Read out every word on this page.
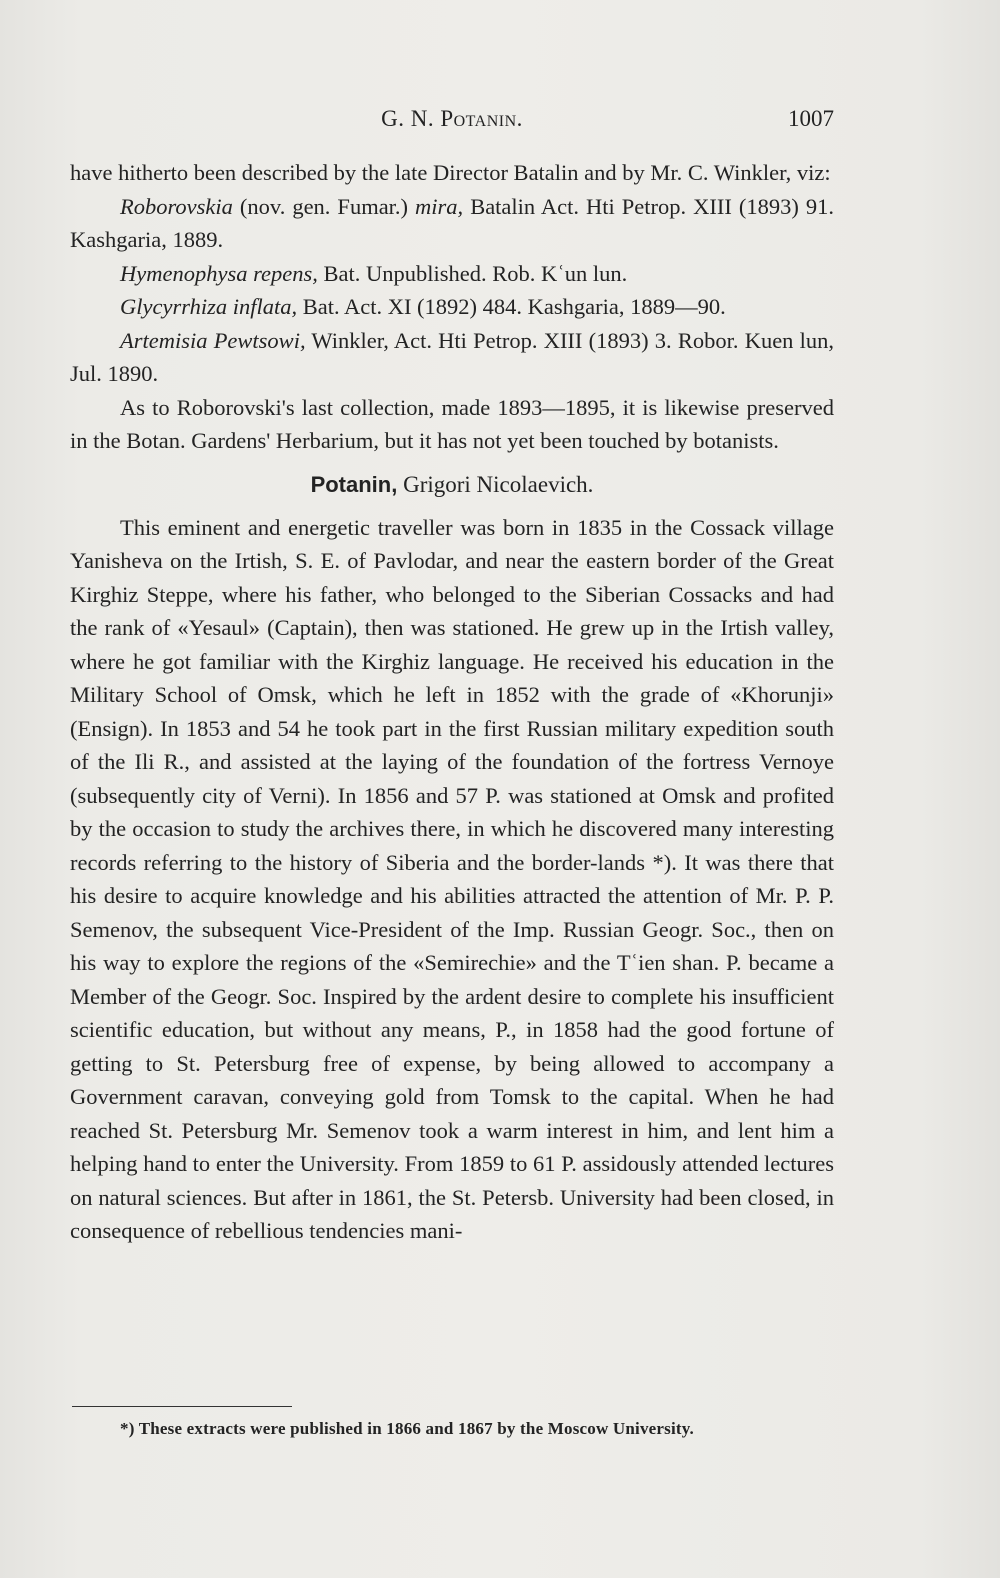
G. N. Potanin.	1007

have hitherto been described by the late Director Batalin and by Mr. C. Winkler, viz:

Roborovskia (nov. gen. Fumar.) mira, Batalin Act. Hti Petrop. XIII (1893) 91. Kashgaria, 1889.

Hymenophysa repens, Bat. Unpublished. Rob. Kʿun lun.

Glycyrrhiza inflata, Bat. Act. XI (1892) 484. Kashgaria, 1889—90.

Artemisia Pewtsowi, Winkler, Act. Hti Petrop. XIII (1893) 3. Robor. Kuen lun, Jul. 1890.

As to Roborovski's last collection, made 1893—1895, it is likewise preserved in the Botan. Gardens' Herbarium, but it has not yet been touched by botanists.

Potanin, Grigori Nicolaevich.

This eminent and energetic traveller was born in 1835 in the Cossack village Yanisheva on the Irtish, S. E. of Pavlodar, and near the eastern border of the Great Kirghiz Steppe, where his father, who belonged to the Siberian Cossacks and had the rank of «Yesaul» (Captain), then was stationed. He grew up in the Irtish valley, where he got familiar with the Kirghiz language. He received his education in the Military School of Omsk, which he left in 1852 with the grade of «Khorunji» (Ensign). In 1853 and 54 he took part in the first Russian military expedition south of the Ili R., and assisted at the laying of the foundation of the fortress Vernoye (subsequently city of Verni). In 1856 and 57 P. was stationed at Omsk and profited by the occasion to study the archives there, in which he discovered many interesting records referring to the history of Siberia and the border-lands *). It was there that his desire to acquire knowledge and his abilities attracted the attention of Mr. P. P. Semenov, the subsequent Vice-President of the Imp. Russian Geogr. Soc., then on his way to explore the regions of the «Semirechie» and the Tʿien shan. P. became a Member of the Geogr. Soc. Inspired by the ardent desire to complete his insufficient scientific education, but without any means, P., in 1858 had the good fortune of getting to St. Petersburg free of expense, by being allowed to accompany a Government caravan, conveying gold from Tomsk to the capital. When he had reached St. Petersburg Mr. Semenov took a warm interest in him, and lent him a helping hand to enter the University. From 1859 to 61 P. assidously attended lectures on natural sciences. But after in 1861, the St. Petersb. University had been closed, in consequence of rebellious tendencies mani-

*) These extracts were published in 1866 and 1867 by the Moscow University.
